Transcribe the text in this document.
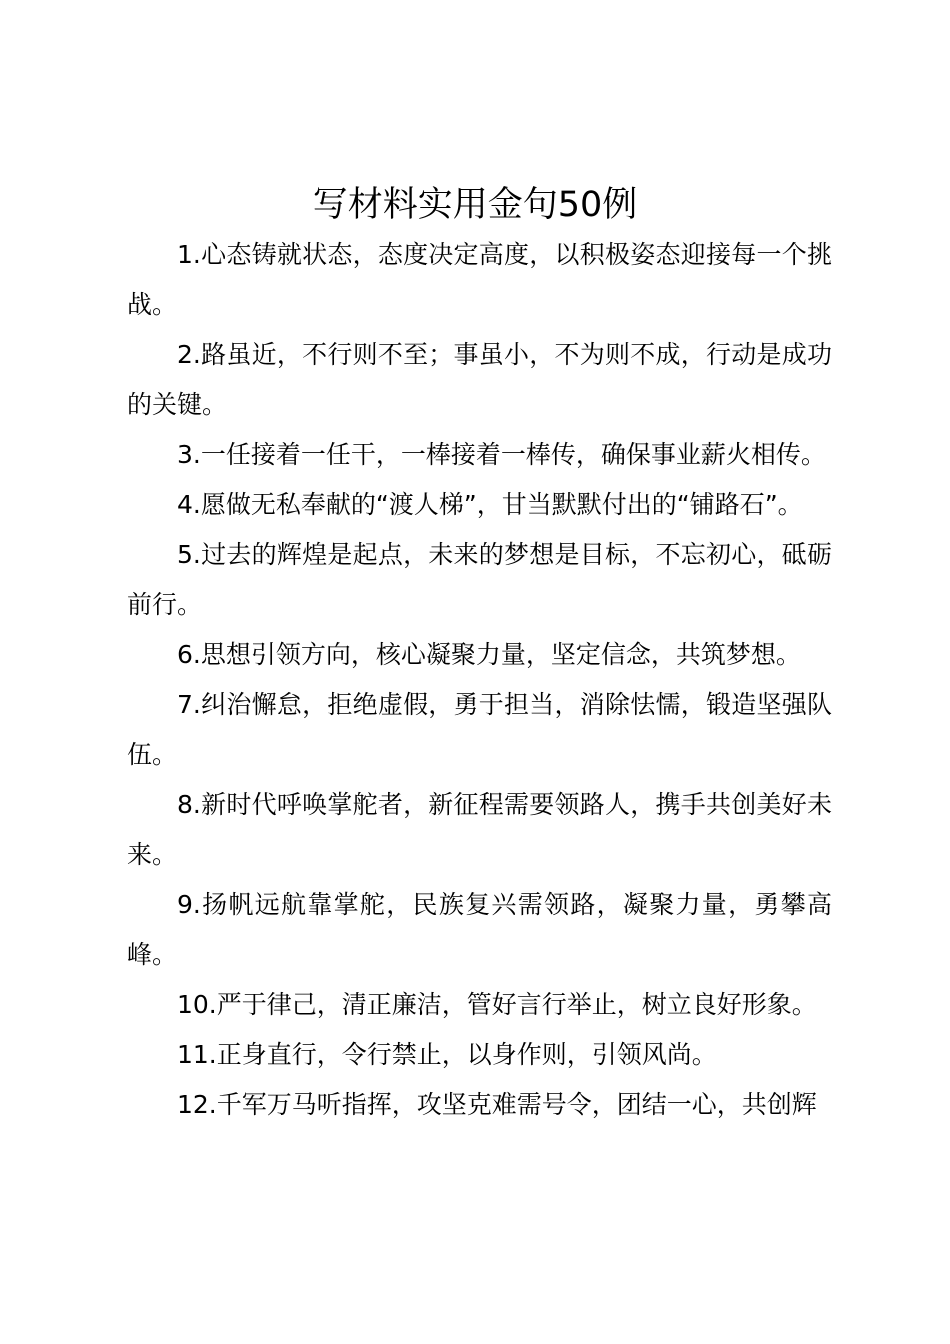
写材料实用金句50例

1.心态铸就状态，态度决定高度，以积极姿态迎接每一个挑战。

2.路虽近，不行则不至；事虽小，不为则不成，行动是成功的关键。

3.一任接着一任干，一棒接着一棒传，确保事业薪火相传。

4.愿做无私奉献的“渡人梯”，甘当默默付出的“铺路石”。

5.过去的辉煌是起点，未来的梦想是目标，不忘初心，砥砺前行。

6.思想引领方向，核心凝聚力量，坚定信念，共筑梦想。

7.纠治懈怠，拒绝虚假，勇于担当，消除怯懦，锻造坚强队伍。

8.新时代呼唤掌舵者，新征程需要领路人，携手共创美好未来。

9.扬帆远航靠掌舵，民族复兴需领路，凝聚力量，勇攀高峰。

10.严于律己，清正廉洁，管好言行举止，树立良好形象。

11.正身直行，令行禁止，以身作则，引领风尚。

12.千军万马听指挥，攻坚克难需号令，团结一心，共创辉
